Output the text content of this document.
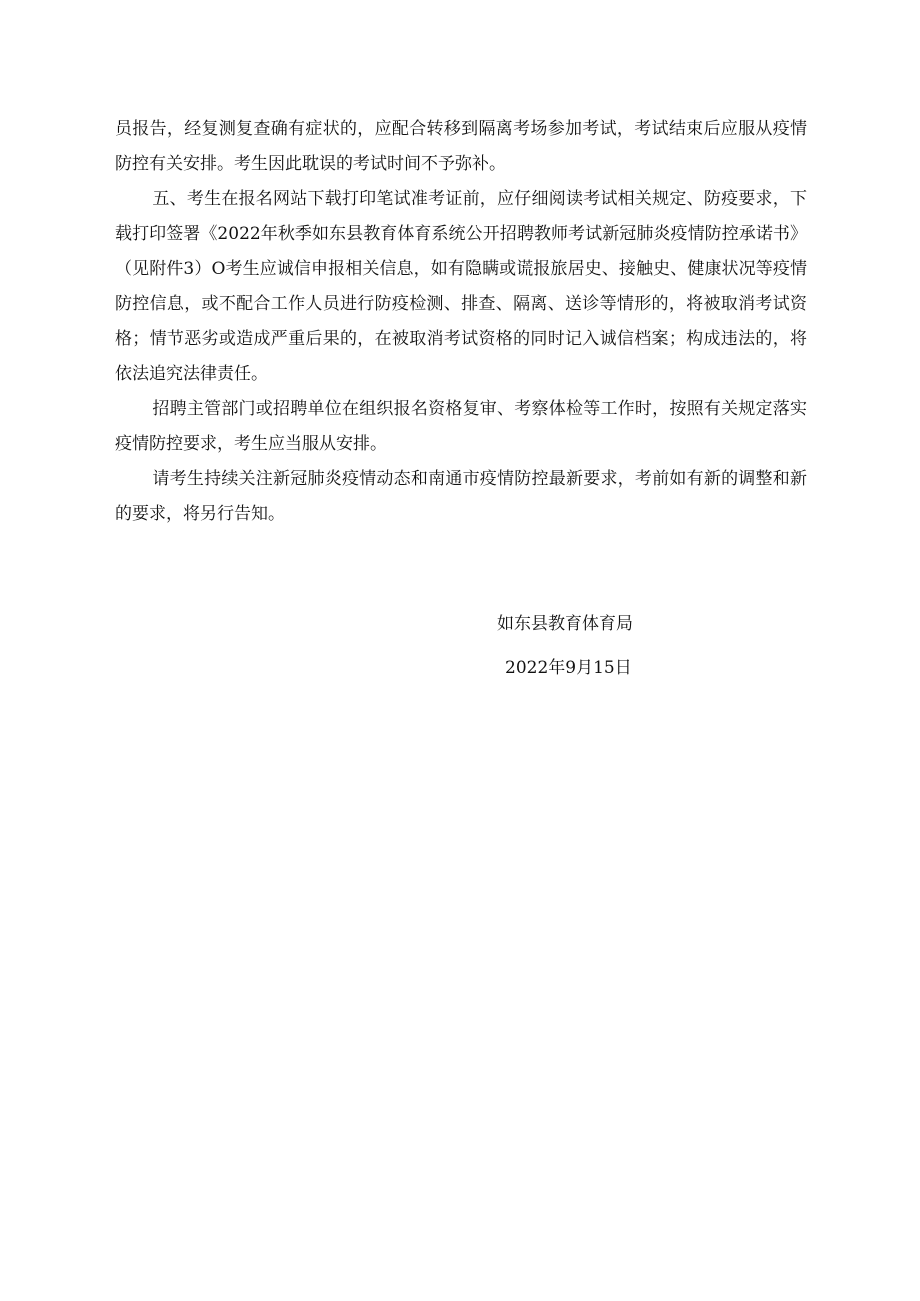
员报告，经复测复查确有症状的，应配合转移到隔离考场参加考试，考试结束后应服从疫情防控有关安排。考生因此耽误的考试时间不予弥补。

五、考生在报名网站下载打印笔试准考证前，应仔细阅读考试相关规定、防疫要求，下载打印签署《2022年秋季如东县教育体育系统公开招聘教师考试新冠肺炎疫情防控承诺书》（见附件3）O考生应诚信申报相关信息，如有隐瞒或谎报旅居史、接触史、健康状况等疫情防控信息，或不配合工作人员进行防疫检测、排查、隔离、送诊等情形的，将被取消考试资格；情节恶劣或造成严重后果的，在被取消考试资格的同时记入诚信档案；构成违法的，将依法追究法律责任。

招聘主管部门或招聘单位在组织报名资格复审、考察体检等工作时，按照有关规定落实疫情防控要求，考生应当服从安排。

请考生持续关注新冠肺炎疫情动态和南通市疫情防控最新要求，考前如有新的调整和新的要求，将另行告知。

如东县教育体育局
2022年9月15日
